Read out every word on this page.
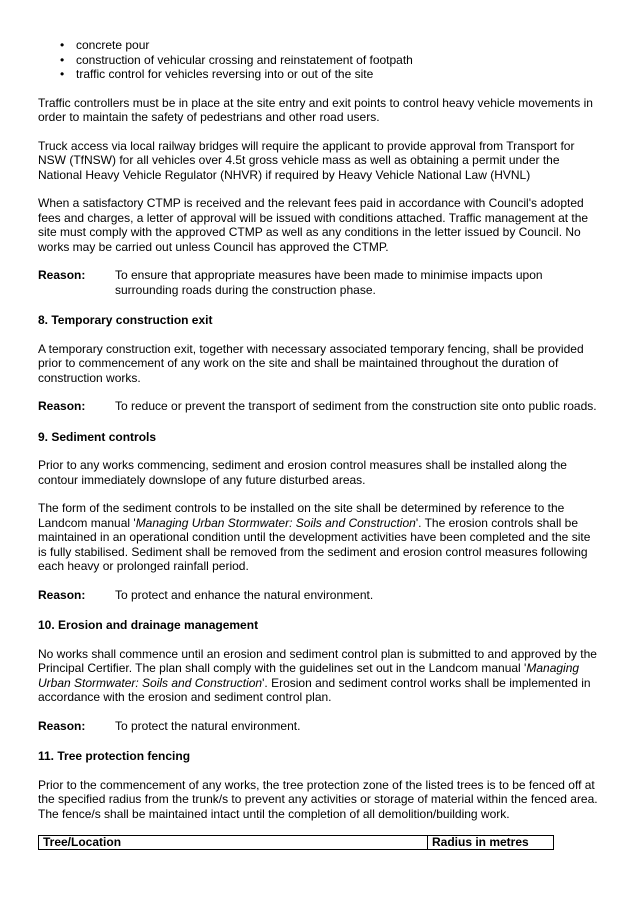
• concrete pour
• construction of vehicular crossing and reinstatement of footpath
• traffic control for vehicles reversing into or out of the site

Traffic controllers must be in place at the site entry and exit points to control heavy vehicle movements in order to maintain the safety of pedestrians and other road users.

Truck access via local railway bridges will require the applicant to provide approval from Transport for NSW (TfNSW) for all vehicles over 4.5t gross vehicle mass as well as obtaining a permit under the National Heavy Vehicle Regulator (NHVR) if required by Heavy Vehicle National Law (HVNL)

When a satisfactory CTMP is received and the relevant fees paid in accordance with Council's adopted fees and charges, a letter of approval will be issued with conditions attached. Traffic management at the site must comply with the approved CTMP as well as any conditions in the letter issued by Council. No works may be carried out unless Council has approved the CTMP.

Reason:	To ensure that appropriate measures have been made to minimise impacts upon surrounding roads during the construction phase.
8. Temporary construction exit

A temporary construction exit, together with necessary associated temporary fencing, shall be provided prior to commencement of any work on the site and shall be maintained throughout the duration of construction works.

Reason:	To reduce or prevent the transport of sediment from the construction site onto public roads.
9. Sediment controls

Prior to any works commencing, sediment and erosion control measures shall be installed along the contour immediately downslope of any future disturbed areas.

The form of the sediment controls to be installed on the site shall be determined by reference to the Landcom manual 'Managing Urban Stormwater: Soils and Construction'. The erosion controls shall be maintained in an operational condition until the development activities have been completed and the site is fully stabilised. Sediment shall be removed from the sediment and erosion control measures following each heavy or prolonged rainfall period.

Reason:	To protect and enhance the natural environment.
10. Erosion and drainage management

No works shall commence until an erosion and sediment control plan is submitted to and approved by the Principal Certifier. The plan shall comply with the guidelines set out in the Landcom manual 'Managing Urban Stormwater: Soils and Construction'. Erosion and sediment control works shall be implemented in accordance with the erosion and sediment control plan.

Reason:	To protect the natural environment.
11. Tree protection fencing

Prior to the commencement of any works, the tree protection zone of the listed trees is to be fenced off at the specified radius from the trunk/s to prevent any activities or storage of material within the fenced area. The fence/s shall be maintained intact until the completion of all demolition/building work.

Tree/Location	Radius in metres
